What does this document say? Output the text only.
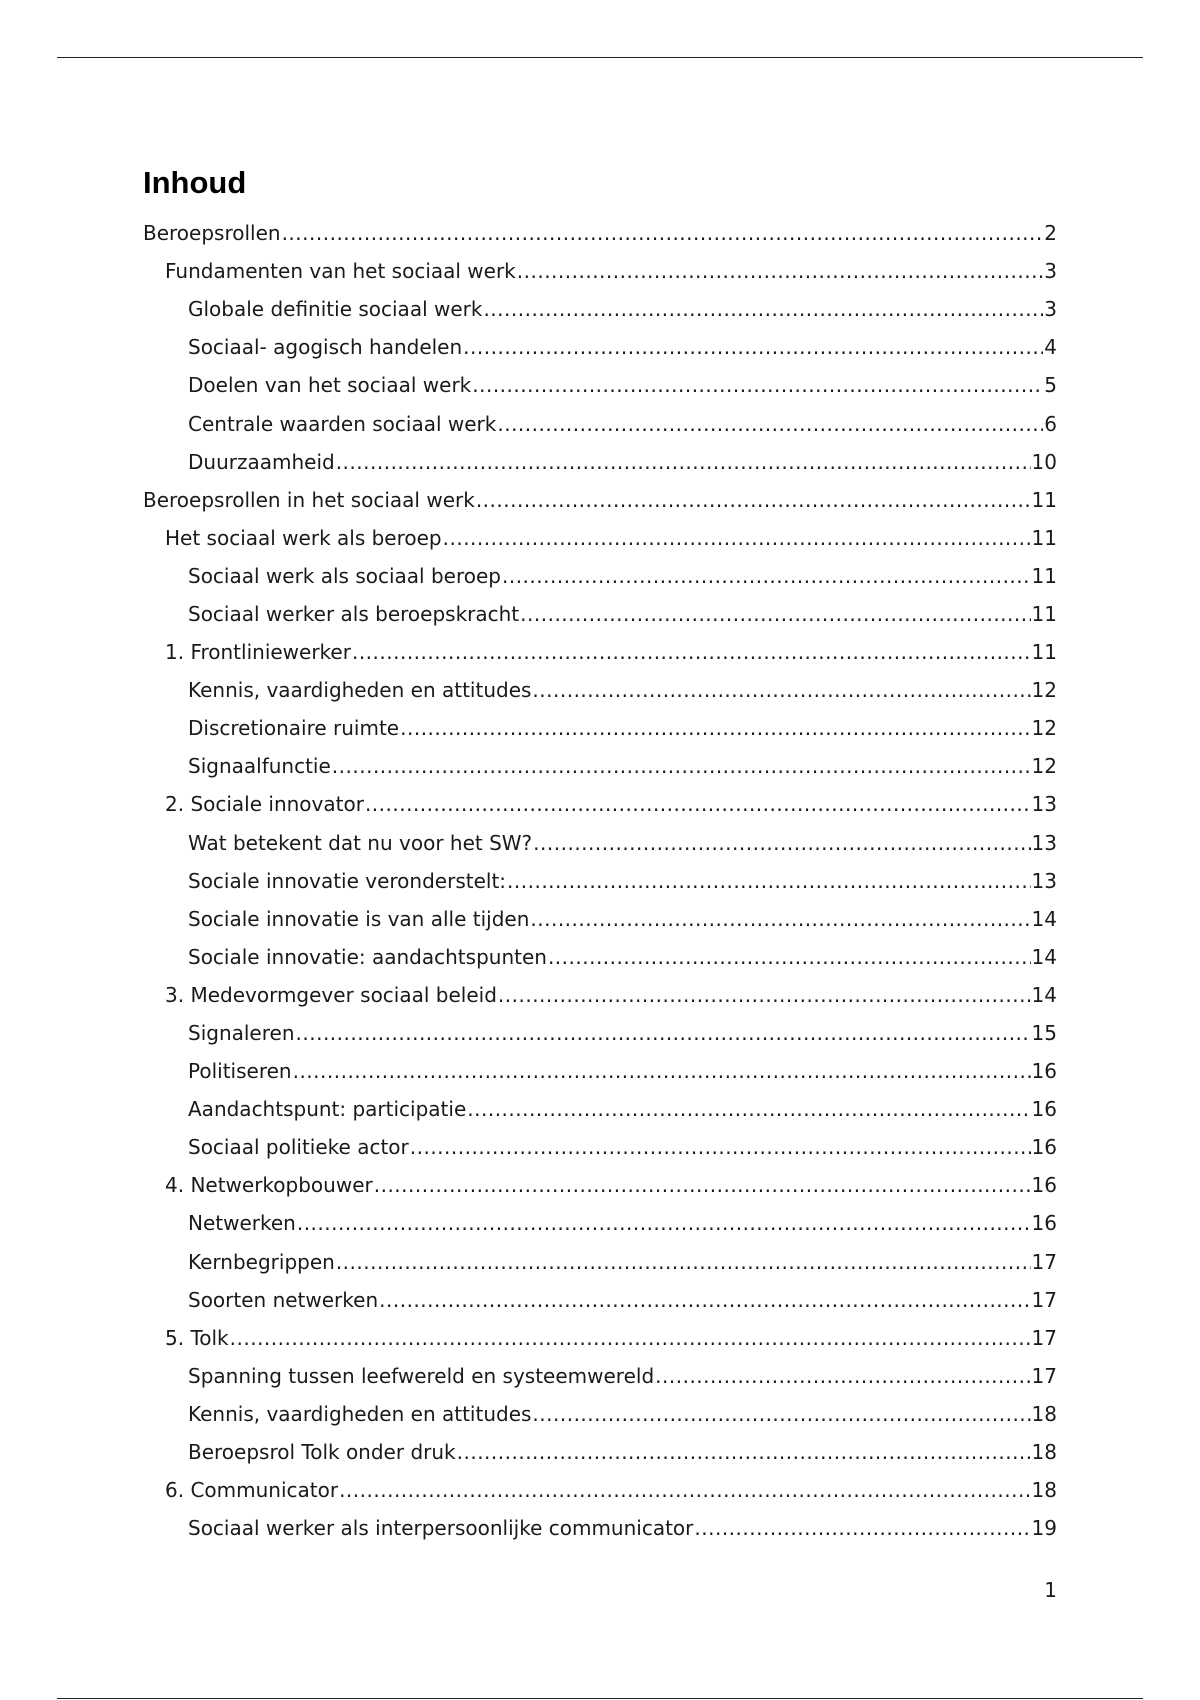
Inhoud
Beroepsrollen .....	2
Fundamenten van het sociaal werk .....	3
Globale definitie sociaal werk .....	3
Sociaal- agogisch handelen .....	4
Doelen van het sociaal werk .....	5
Centrale waarden sociaal werk .....	6
Duurzaamheid .....	10
Beroepsrollen in het sociaal werk .....	11
Het sociaal werk als beroep .....	11
Sociaal werk als sociaal beroep .....	11
Sociaal werker als beroepskracht .....	11
1. Frontliniewerker .....	11
Kennis, vaardigheden en attitudes .....	12
Discretionaire ruimte .....	12
Signaalfunctie .....	12
2. Sociale innovator .....	13
Wat betekent dat nu voor het SW? .....	13
Sociale innovatie veronderstelt: .....	13
Sociale innovatie is van alle tijden .....	14
Sociale innovatie: aandachtspunten .....	14
3. Medevormgever sociaal beleid .....	14
Signaleren .....	15
Politiseren .....	16
Aandachtspunt: participatie .....	16
Sociaal politieke actor .....	16
4. Netwerkopbouwer .....	16
Netwerken .....	16
Kernbegrippen .....	17
Soorten netwerken .....	17
5. Tolk .....	17
Spanning tussen leefwereld en systeemwereld .....	17
Kennis, vaardigheden en attitudes .....	18
Beroepsrol Tolk onder druk .....	18
6. Communicator .....	18
Sociaal werker als interpersoonlijke communicator .....	19
1
